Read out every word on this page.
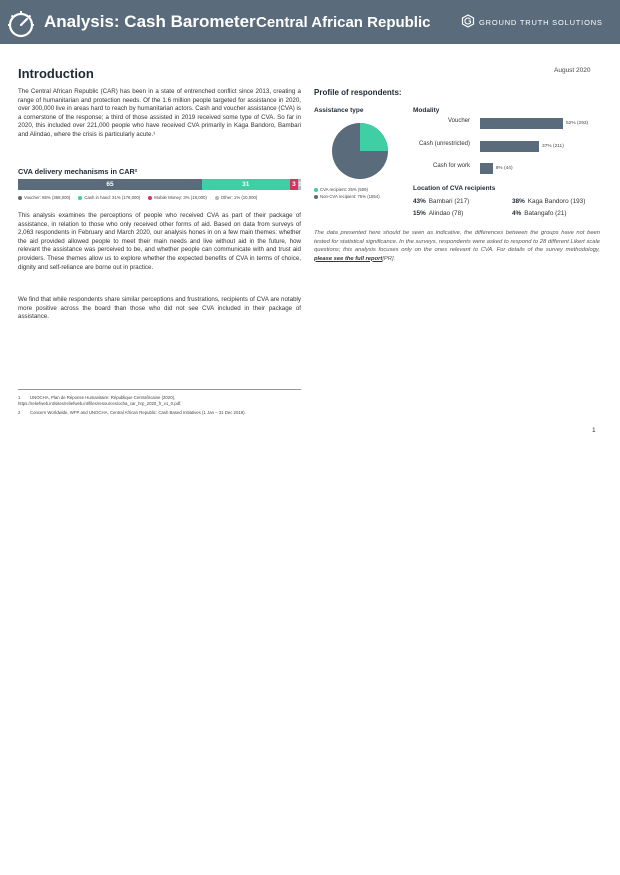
Analysis: Cash Barometer Central African Republic	GROUND TRUTH SOLUTIONS
Introduction	August 2020
The Central African Republic (CAR) has been in a state of entrenched conflict since 2013, creating a range of humanitarian and protection needs. Of the 1.6 million people targeted for assistance in 2020, over 300,000 live in areas hard to reach by humanitarian actors. Cash and voucher assistance (CVA) is a cornerstone of the response; a third of those assisted in 2019 received some type of CVA. So far in 2020, this included over 221,000 people who have received CVA primarily in Kaga Bandoro, Bambari and Alindao, where the crisis is particularly acute.¹
CVA delivery mechanisms in CAR²
65	31	3 1
Voucher: 65% (368,000)	Cash in hand: 31% (176,000)	Mobile Money: 3% (18,000)	Other: 1% (10,000)
This analysis examines the perceptions of people who received CVA as part of their package of assistance, in relation to those who only received other forms of aid. Based on data from surveys of 2,063 respondents in February and March 2020, our analysis hones in on a few main themes: whether the aid provided allowed people to meet their main needs and live without aid in the future, how relevant the assistance was perceived to be, and whether people can communicate with and trust aid providers. These themes allow us to explore whether the expected benefits of CVA in terms of choice, dignity and self-reliance are borne out in practice.
We find that while respondents share similar perceptions and frustrations, recipients of CVA are notably more positive across the board than those who did not see CVA included in their package of assistance.
Profile of respondents:
Assistance type	Modality
CVA recipient: 25% (509)
Non-CVA recipient: 75% (1554)
Voucher	52% (293)
Cash (unrestricted)	37% (211)
Cash for work	8% (44)
Location of CVA recipients
43% Bambari (217)	38% Kaga Bandoro (193)
15% Alindao (78)	4% Batangafo (21)
The data presented here should be seen as indicative, the differences between the groups have not been tested for statistical significance. In the surveys, respondents were asked to respond to 28 different Likert scale questions; this analysis focuses only on the ones relevant to CVA. For details of the survey methodology, please see the full report[PR].
1 UNOCHA, Plan de Réponse Humanitaire: République Centrafricaine (2020), https://reliefweb.int/sites/reliefweb.int/files/resources/ocha_car_hrp_2020_fr_v1_0.pdf.
2 Concern Worldwide, WFP and UNOCHA, Central African Republic: Cash Based Initiatives (1 Jan – 31 Dec 2019).
1
